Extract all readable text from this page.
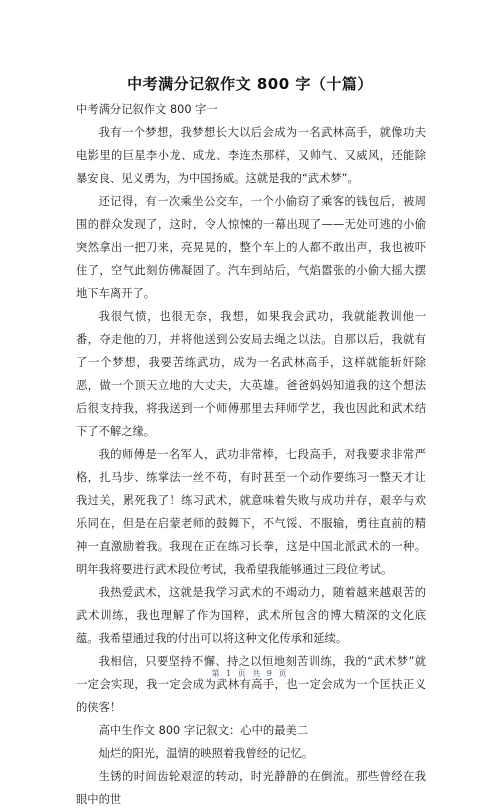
中考满分记叙作文 800 字（十篇）

中考满分记叙作文 800 字一

我有一个梦想，我梦想长大以后会成为一名武林高手，就像功夫电影里的巨星李小龙、成龙、李连杰那样，又帅气、又威风，还能除暴安良、见义勇为，为中国扬威。这就是我的“武术梦”。

还记得，有一次乘坐公交车，一个小偷窃了乘客的钱包后，被周围的群众发现了，这时，令人惊悚的一幕出现了——无处可逃的小偷突然拿出一把刀来，亮晃晃的，整个车上的人都不敢出声，我也被吓住了，空气此刻仿佛凝固了。汽车到站后，气焰嚣张的小偷大摇大摆地下车离开了。

我很气愤，也很无奈，我想，如果我会武功，我就能教训他一番，夺走他的刀，并将他送到公安局去绳之以法。自那以后，我就有了一个梦想，我要苦练武功，成为一名武林高手，这样就能斩奸除恶，做一个顶天立地的大丈夫，大英雄。爸爸妈妈知道我的这个想法后很支持我，将我送到一个师傅那里去拜师学艺，我也因此和武术结下了不解之缘。

我的师傅是一名军人，武功非常棒，七段高手，对我要求非常严格，扎马步、练掌法一丝不苟，有时甚至一个动作要练习一整天才让我过关，累死我了！练习武术，就意味着失败与成功并存，艰辛与欢乐同在，但是在启蒙老师的鼓舞下，不气馁、不服输，勇往直前的精神一直激励着我。我现在正在练习长拳，这是中国北派武术的一种。明年我将要进行武术段位考试，我希望我能够通过三段位考试。

我热爱武术，这就是我学习武术的不竭动力，随着越来越艰苦的武术训练，我也理解了作为国粹，武术所包含的博大精深的文化底蕴。我希望通过我的付出可以将这种文化传承和延续。

我相信，只要坚持不懈、持之以恒地刻苦训练，我的“武术梦”就一定会实现，我一定会成为武林有高手，也一定会成为一个匡扶正义的侠客！

高中生作文 800 字记叙文：心中的最美二

灿烂的阳光，温情的映照着我曾经的记忆。

生锈的时间齿轮艰涩的转动，时光静静的在倒流。那些曾经在我眼中的世

第 1 页 共 9 页
